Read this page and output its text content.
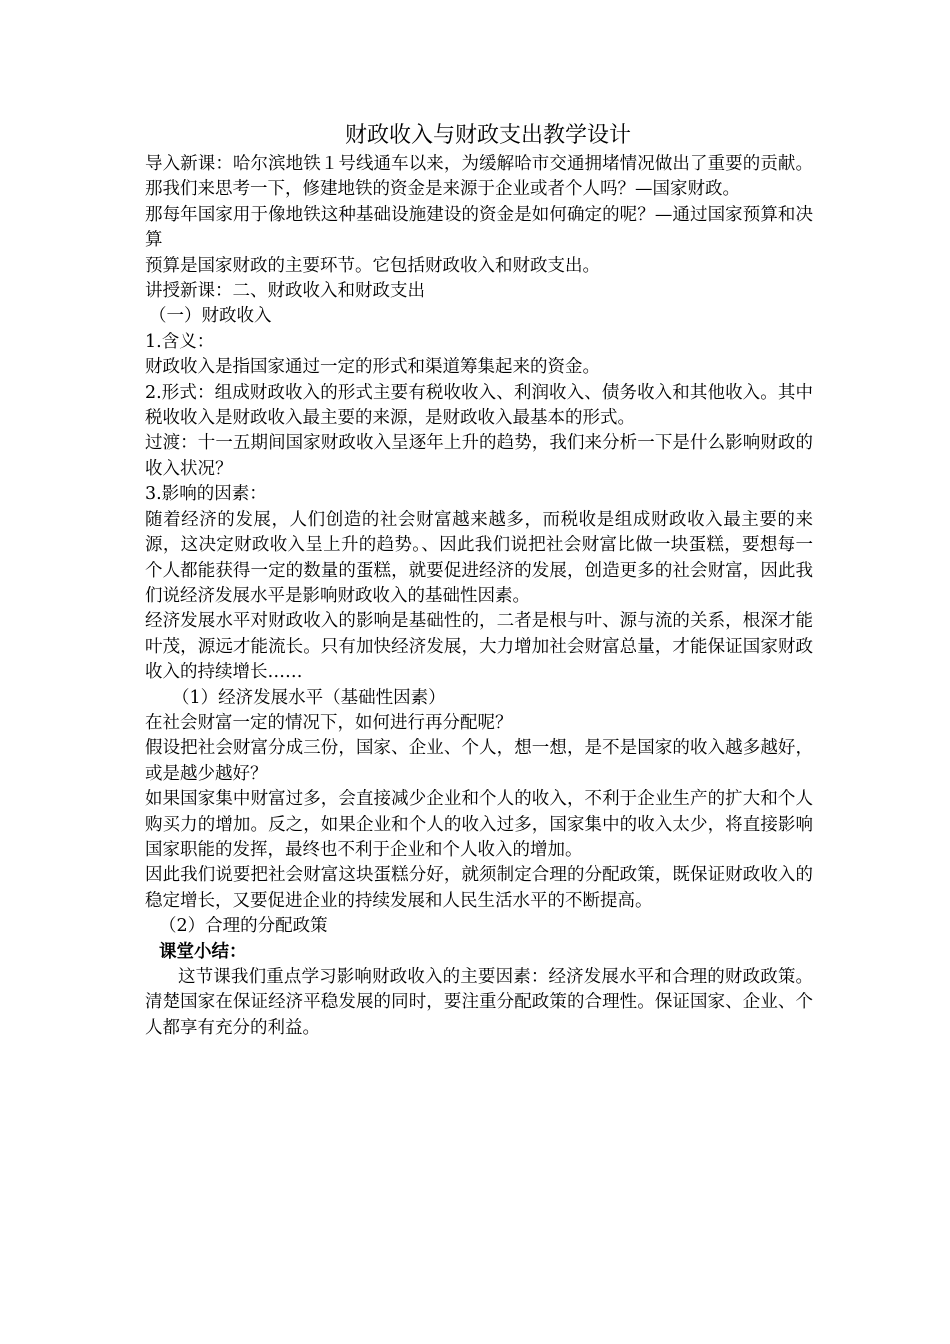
财政收入与财政支出教学设计

导入新课：哈尔滨地铁１号线通车以来，为缓解哈市交通拥堵情况做出了重要的贡献。那我们来思考一下，修建地铁的资金是来源于企业或者个人吗？—国家财政。

那每年国家用于像地铁这种基础设施建设的资金是如何确定的呢？—通过国家预算和决算

预算是国家财政的主要环节。它包括财政收入和财政支出。

讲授新课：二、财政收入和财政支出

（一）财政收入

1.含义：

财政收入是指国家通过一定的形式和渠道筹集起来的资金。

2.形式：组成财政收入的形式主要有税收收入、利润收入、债务收入和其他收入。其中税收收入是财政收入最主要的来源，是财政收入最基本的形式。

过渡：十一五期间国家财政收入呈逐年上升的趋势，我们来分析一下是什么影响财政的收入状况？

3.影响的因素：

随着经济的发展，人们创造的社会财富越来越多，而税收是组成财政收入最主要的来源，这决定财政收入呈上升的趋势。、因此我们说把社会财富比做一块蛋糕，要想每一个人都能获得一定的数量的蛋糕，就要促进经济的发展，创造更多的社会财富，因此我们说经济发展水平是影响财政收入的基础性因素。

经济发展水平对财政收入的影响是基础性的，二者是根与叶、源与流的关系，根深才能叶茂，源远才能流长。只有加快经济发展，大力增加社会财富总量，才能保证国家财政收入的持续增长……

（1）经济发展水平（基础性因素）

在社会财富一定的情况下，如何进行再分配呢？

假设把社会财富分成三份，国家、企业、个人，想一想，是不是国家的收入越多越好，或是越少越好？

如果国家集中财富过多，会直接减少企业和个人的收入，不利于企业生产的扩大和个人购买力的增加。反之，如果企业和个人的收入过多，国家集中的收入太少，将直接影响国家职能的发挥，最终也不利于企业和个人收入的增加。

因此我们说要把社会财富这块蛋糕分好，就须制定合理的分配政策，既保证财政收入的稳定增长，又要促进企业的持续发展和人民生活水平的不断提高。

（2）合理的分配政策

课堂小结：

这节课我们重点学习影响财政收入的主要因素：经济发展水平和合理的财政政策。清楚国家在保证经济平稳发展的同时，要注重分配政策的合理性。保证国家、企业、个人都享有充分的利益。
